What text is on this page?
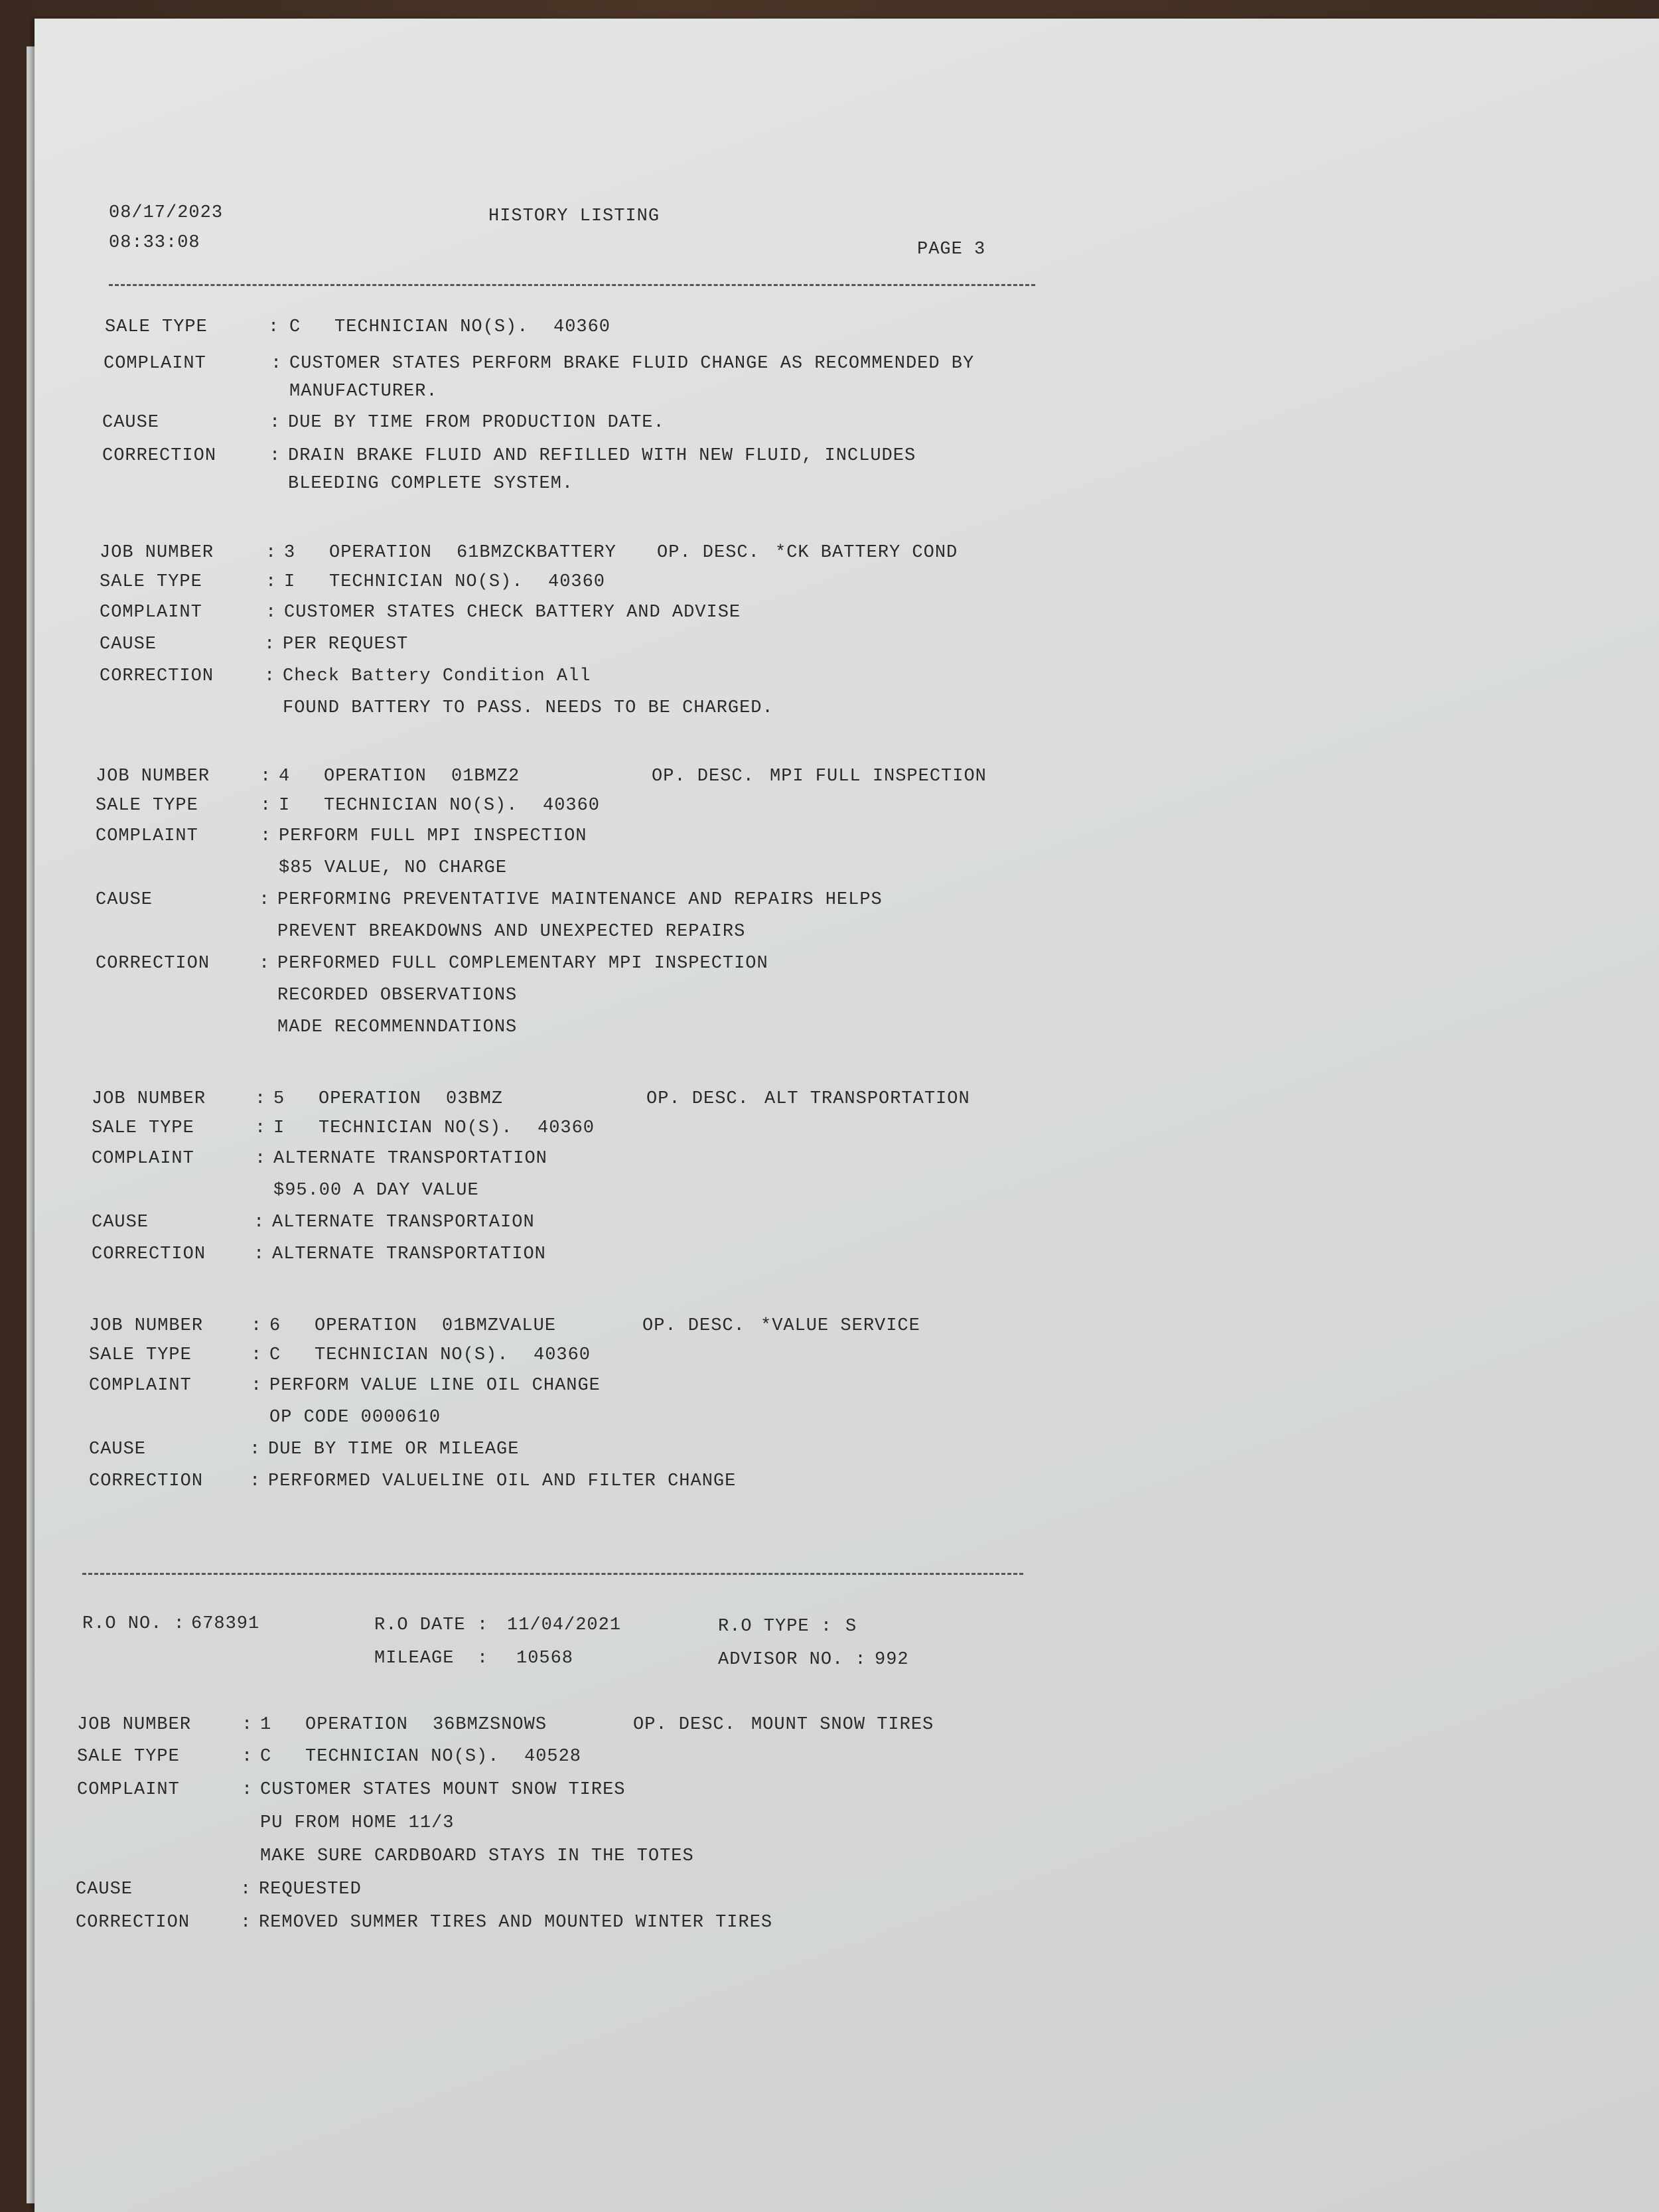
08/17/2023	HISTORY LISTING
08:33:08	PAGE 3
SALE TYPE	: C TECHNICIAN NO(S). 40360
COMPLAINT	: CUSTOMER STATES PERFORM BRAKE FLUID CHANGE AS RECOMMENDED BY
MANUFACTURER.
CAUSE	: DUE BY TIME FROM PRODUCTION DATE.
CORRECTION	: DRAIN BRAKE FLUID AND REFILLED WITH NEW FLUID, INCLUDES
BLEEDING COMPLETE SYSTEM.
JOB NUMBER	: 3 OPERATION 61BMZCKBATTERY OP. DESC. *CK BATTERY COND
SALE TYPE	: I TECHNICIAN NO(S). 40360
COMPLAINT	: CUSTOMER STATES CHECK BATTERY AND ADVISE
CAUSE	: PER REQUEST
CORRECTION	: Check Battery Condition All
FOUND BATTERY TO PASS. NEEDS TO BE CHARGED.
JOB NUMBER	: 4 OPERATION 01BMZ2	OP. DESC. MPI FULL INSPECTION
SALE TYPE	: I TECHNICIAN NO(S). 40360
COMPLAINT	: PERFORM FULL MPI INSPECTION
$85 VALUE, NO CHARGE
CAUSE	: PERFORMING PREVENTATIVE MAINTENANCE AND REPAIRS HELPS
PREVENT BREAKDOWNS AND UNEXPECTED REPAIRS
CORRECTION	: PERFORMED FULL COMPLEMENTARY MPI INSPECTION
RECORDED OBSERVATIONS
MADE RECOMMENNDATIONS
JOB NUMBER	: 5 OPERATION 03BMZ	OP. DESC. ALT TRANSPORTATION
SALE TYPE	: I TECHNICIAN NO(S). 40360
COMPLAINT	: ALTERNATE TRANSPORTATION
$95.00 A DAY VALUE
CAUSE	: ALTERNATE TRANSPORTAION
CORRECTION	: ALTERNATE TRANSPORTATION
JOB NUMBER	: 6 OPERATION 01BMZVALUE	OP. DESC. *VALUE SERVICE
SALE TYPE	: C TECHNICIAN NO(S). 40360
COMPLAINT	: PERFORM VALUE LINE OIL CHANGE
OP CODE 0000610
CAUSE	: DUE BY TIME OR MILEAGE
CORRECTION	: PERFORMED VALUELINE OIL AND FILTER CHANGE
R.O NO. : 678391	R.O DATE : 11/04/2021	R.O TYPE : S
MILEAGE  : 10568	ADVISOR NO. : 992
JOB NUMBER	: 1 OPERATION 36BMZSNOWS	OP. DESC. MOUNT SNOW TIRES
SALE TYPE	: C TECHNICIAN NO(S). 40528
COMPLAINT	: CUSTOMER STATES MOUNT SNOW TIRES
PU FROM HOME 11/3
MAKE SURE CARDBOARD STAYS IN THE TOTES
CAUSE	: REQUESTED
CORRECTION	: REMOVED SUMMER TIRES AND MOUNTED WINTER TIRES
